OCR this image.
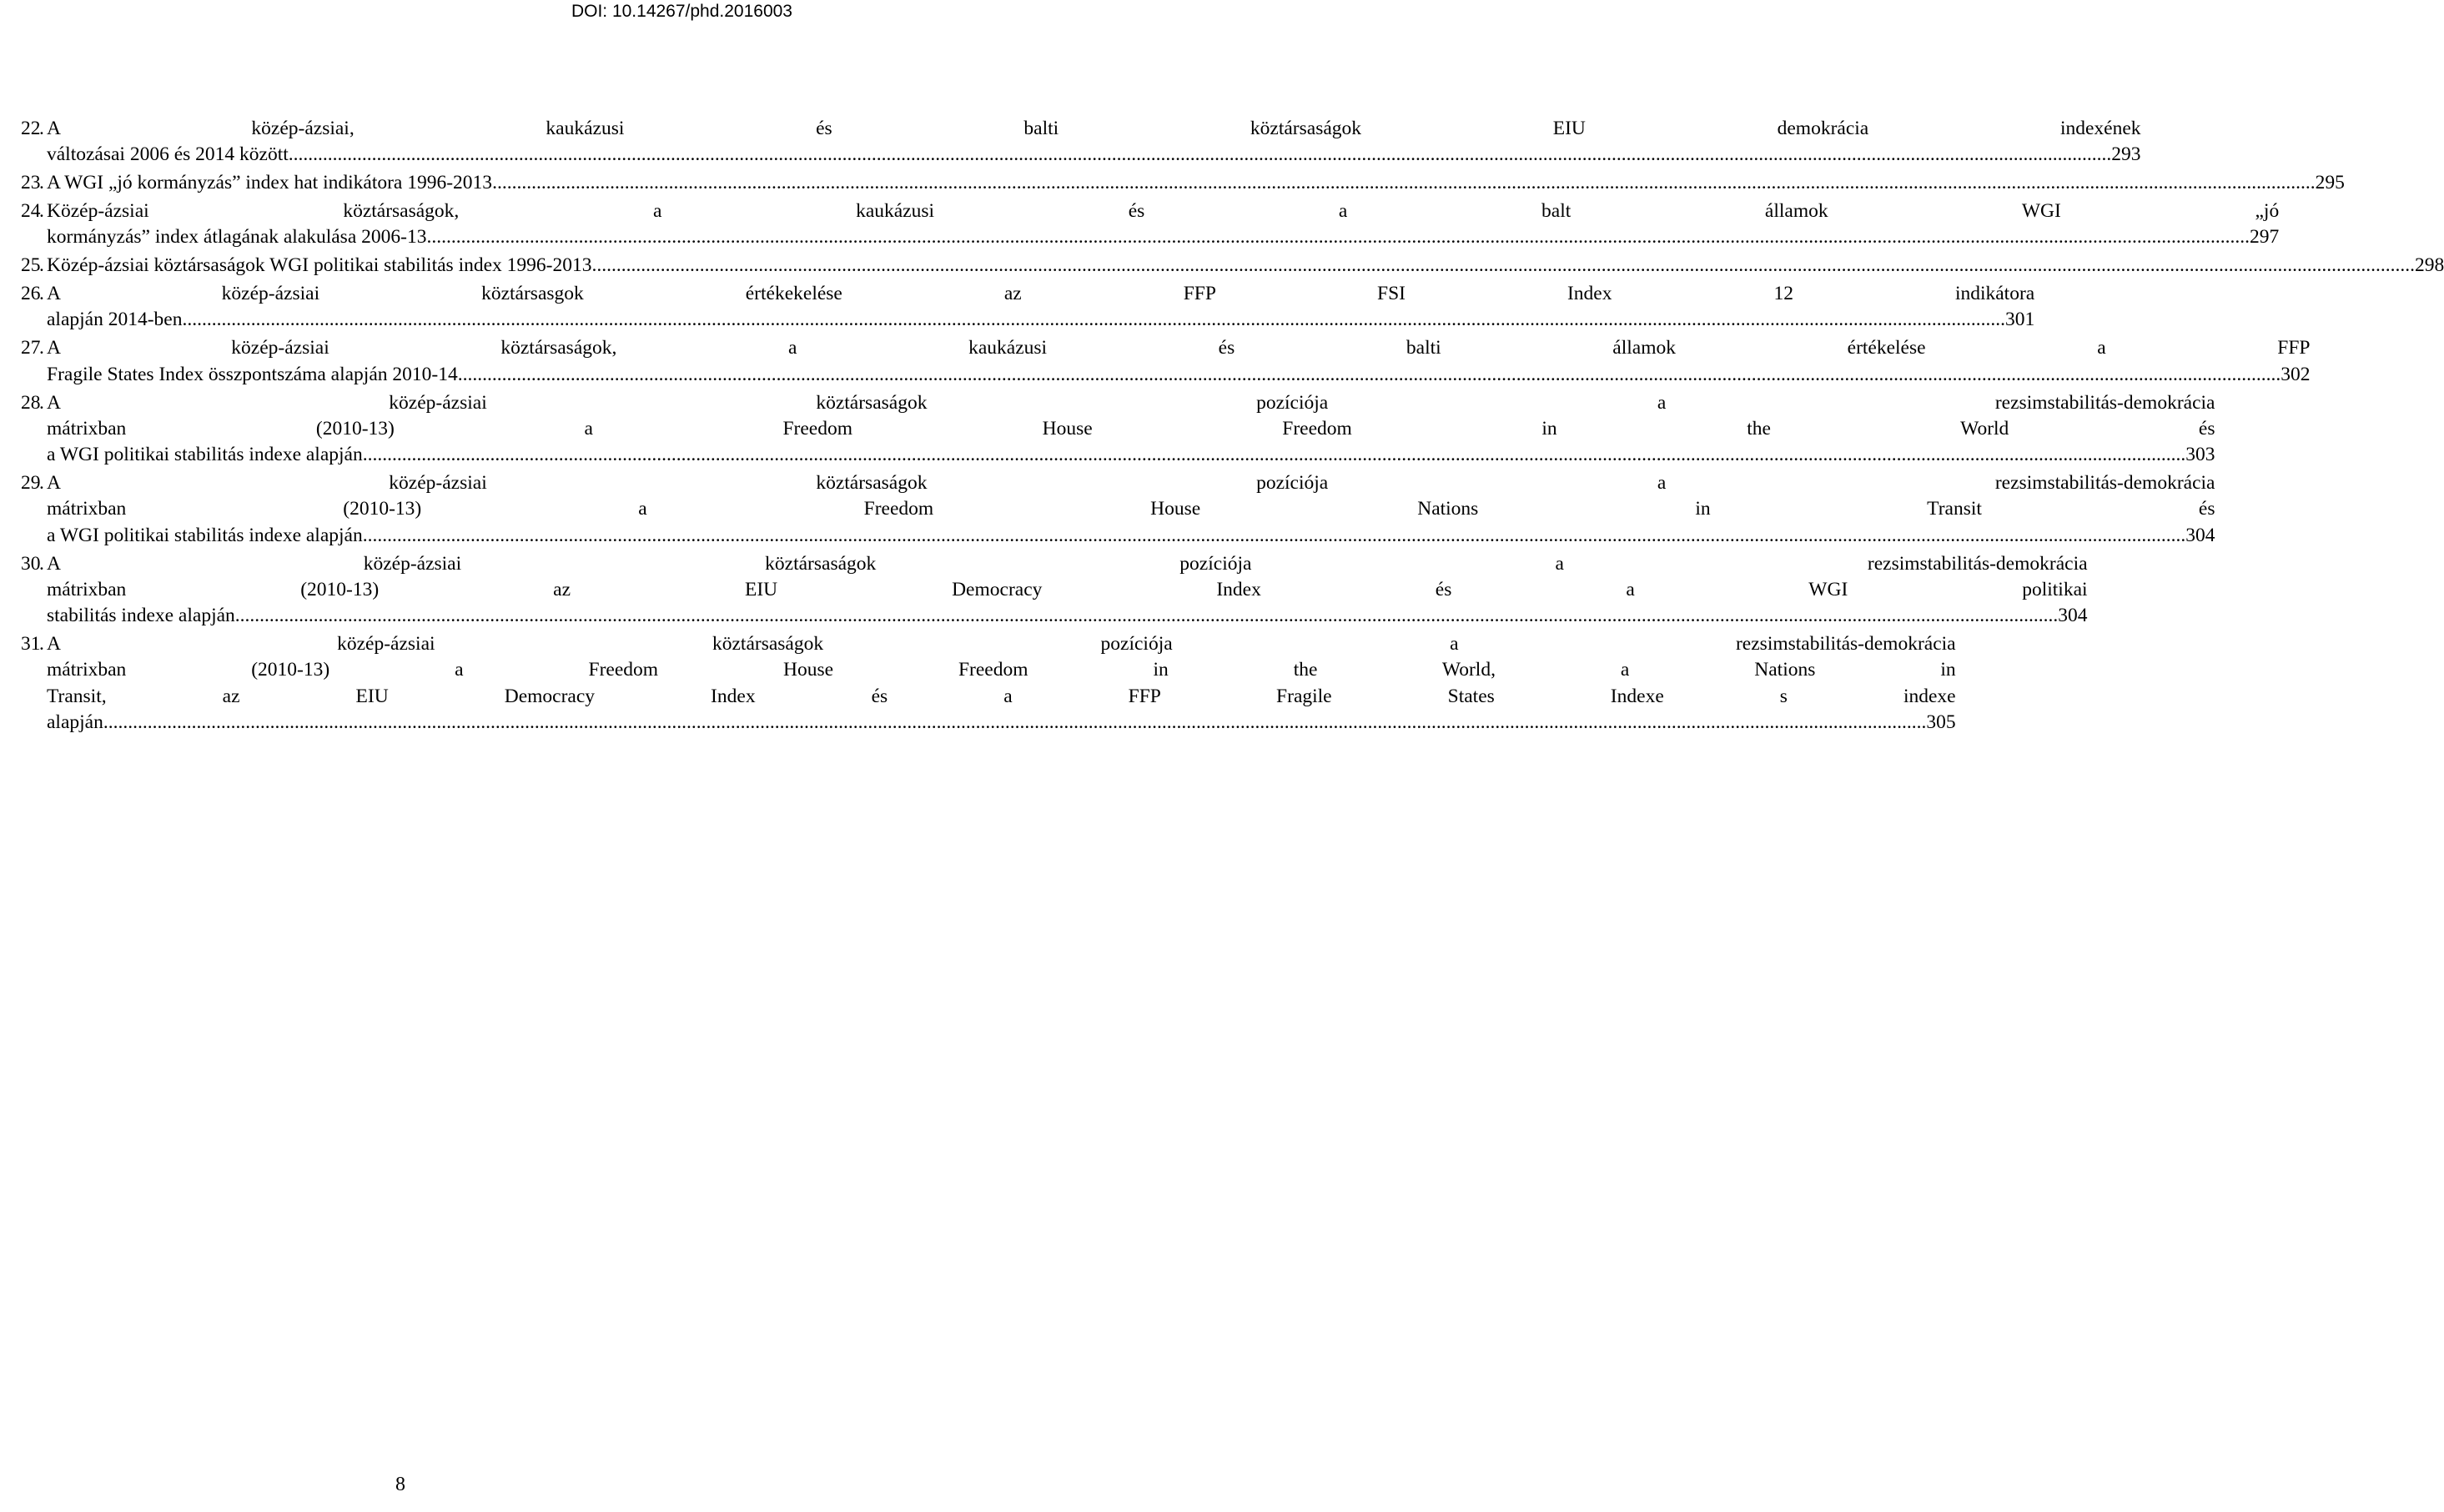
DOI: 10.14267/phd.2016003
22
. A közép-ázsiai, kaukázusi és balti köztársaságok EIU demokrácia indexének
változásai 2006 és 2014 között .....	293
23
. A WGI „jó kormányzás” index hat indikátora 1996-2013 .....	295
24
. Közép-ázsiai köztársaságok, a kaukázusi és a balt államok WGI „jó
kormányzás” index átlagának alakulása 2006-13 .....	297
25
. Közép-ázsiai köztársaságok WGI politikai stabilitás index 1996-2013 .....	298
26
. A közép-ázsiai köztársasgok értékekelése az FFP FSI Index 12 indikátora
alapján 2014-ben .....	301
27
. A közép-ázsiai köztársaságok, a kaukázusi és balti államok értékelése a FFP
Fragile States Index összpontszáma alapján 2010-14 .....	302
28
. A közép-ázsiai köztársaságok pozíciója a rezsimstabilitás-demokrácia
mátrixban (2010-13) a Freedom House Freedom in the World és
a WGI politikai stabilitás indexe alapján .....	303
29
. A közép-ázsiai köztársaságok pozíciója a rezsimstabilitás-demokrácia
mátrixban (2010-13) a Freedom House Nations in Transit és
a WGI politikai stabilitás indexe alapján .....	304
30
. A közép-ázsiai köztársaságok pozíciója a rezsimstabilitás-demokrácia
mátrixban (2010-13) az EIU Democracy Index és a WGI politikai
stabilitás indexe alapján .....	304
31
. A közép-ázsiai köztársaságok pozíciója a rezsimstabilitás-demokrácia
mátrixban (2010-13) a Freedom House Freedom in the World, a Nations in
Transit, az EIU Democracy Index és a FFP Fragile States Indexe s indexe
alapján .....	305
8
